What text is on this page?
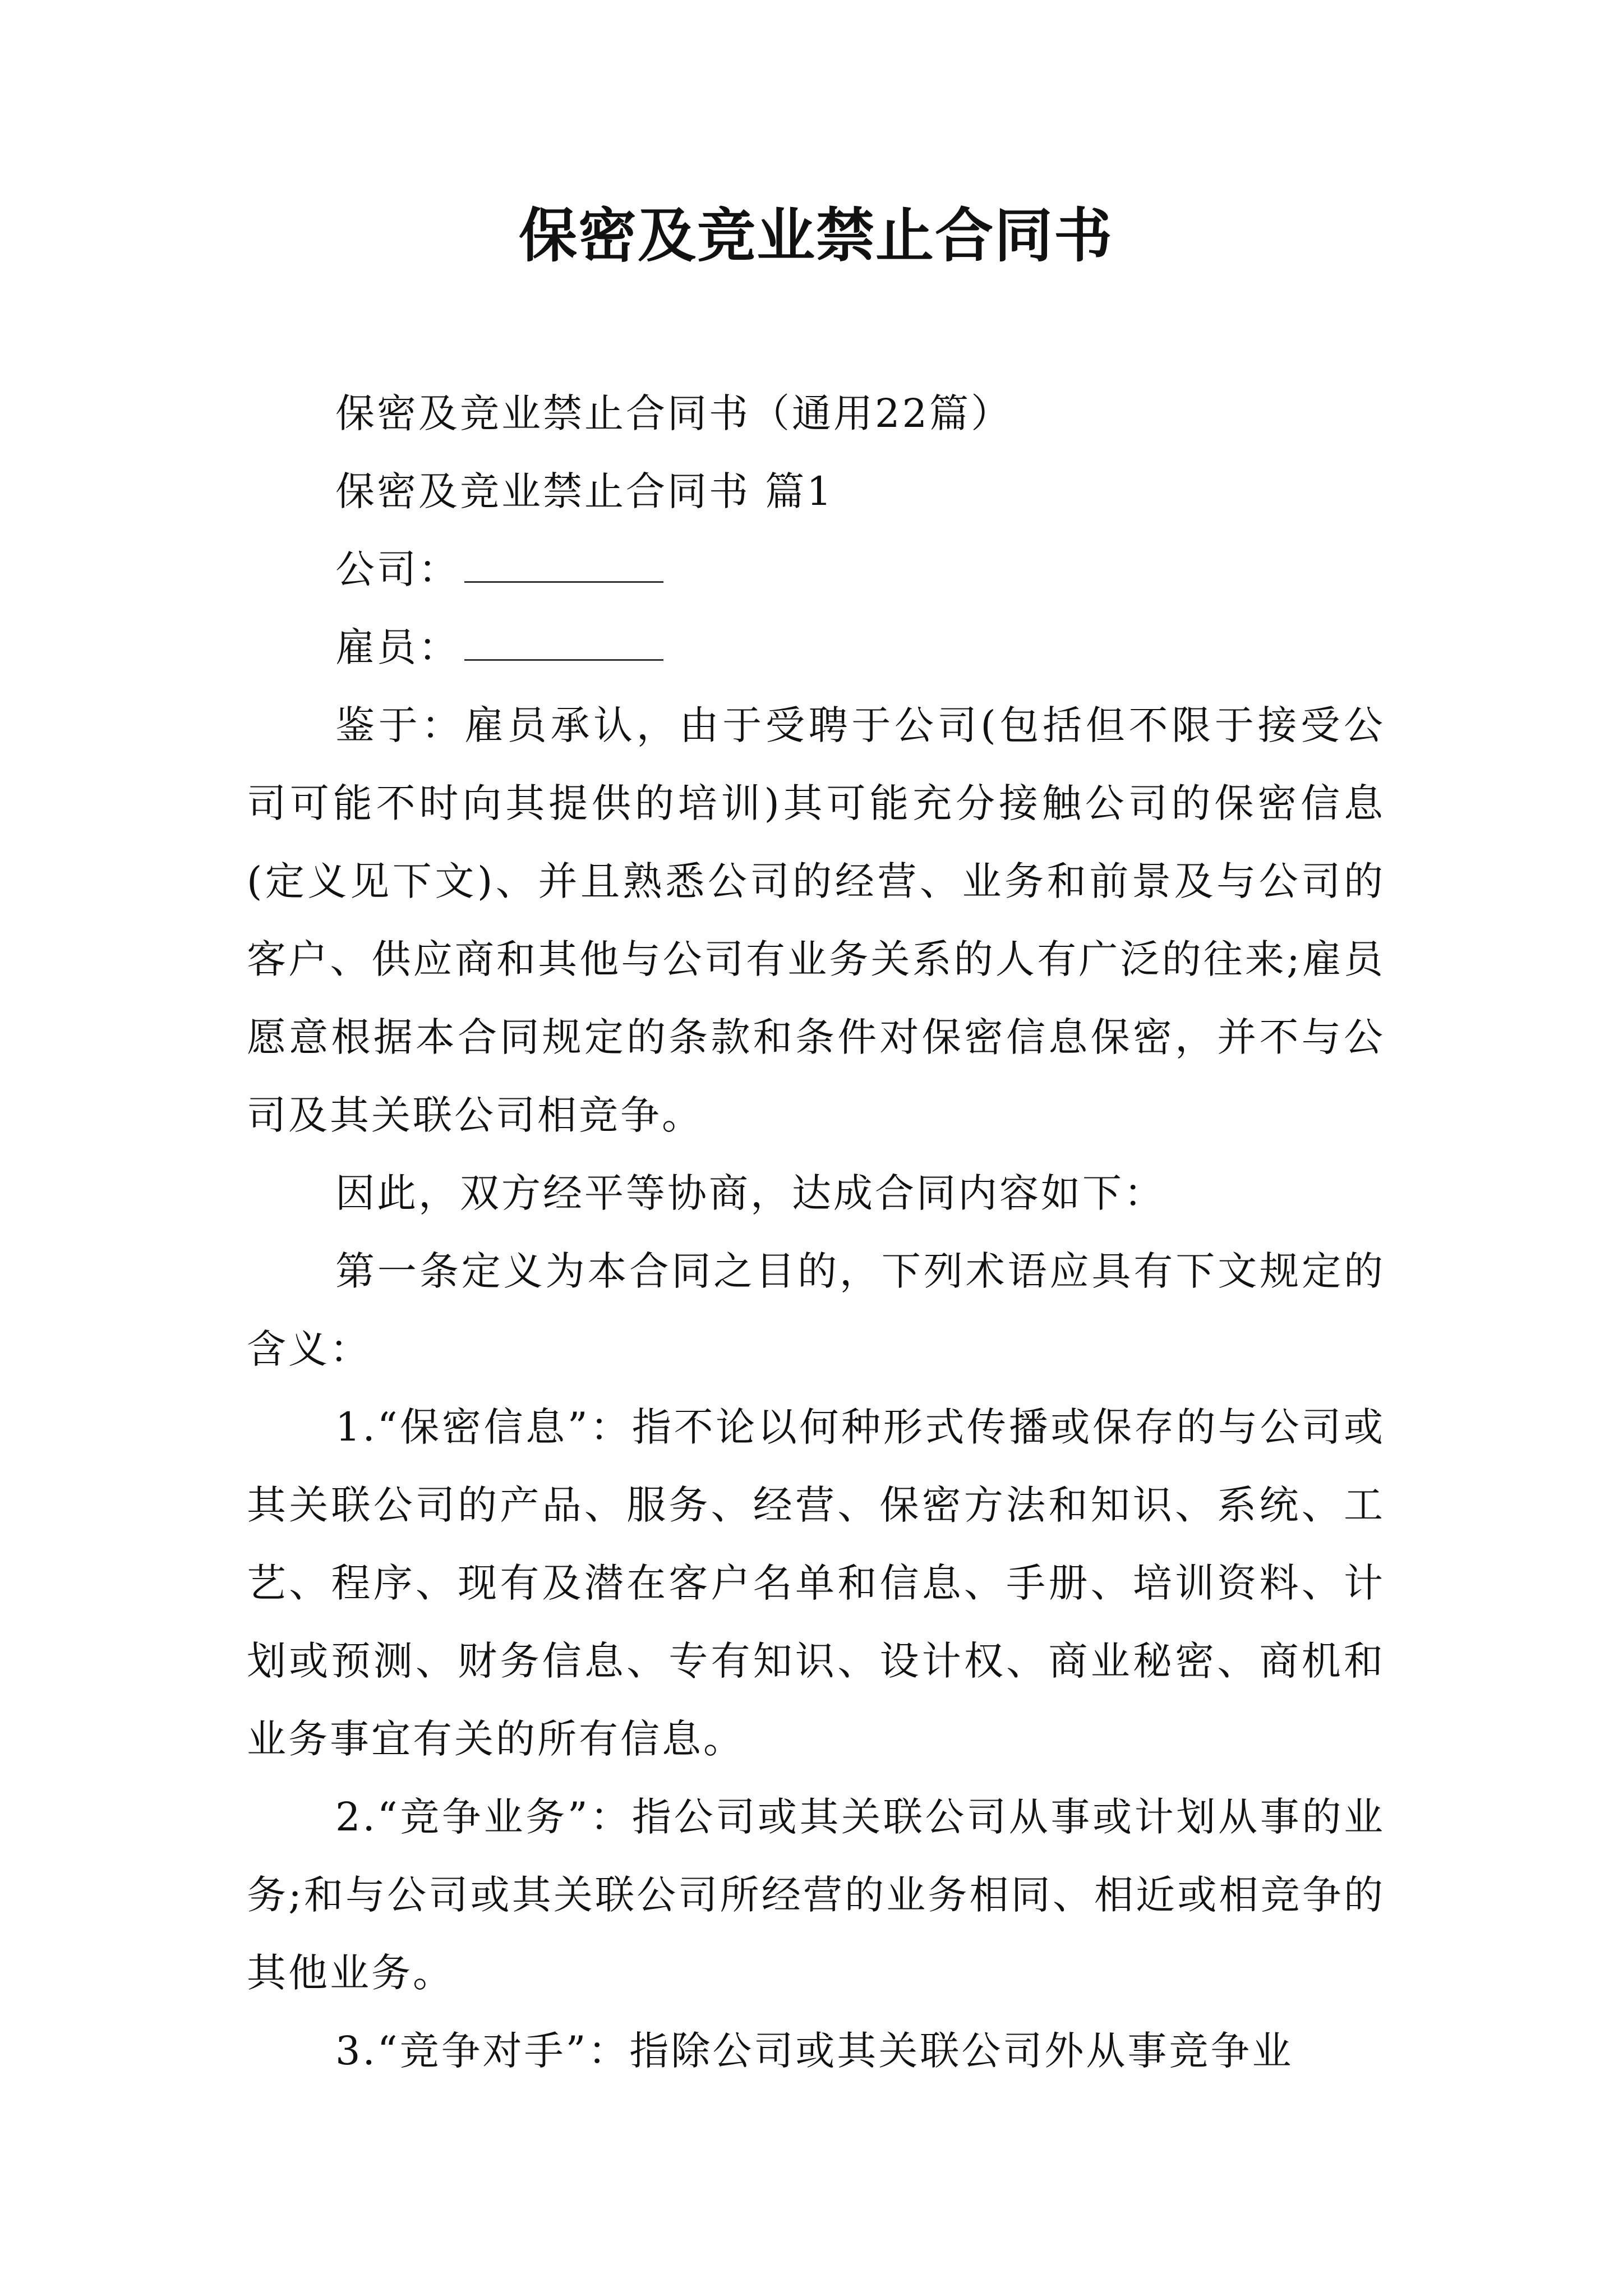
保密及竞业禁止合同书

保密及竞业禁止合同书（通用22篇）

保密及竞业禁止合同书 篇1

公司：

雇员：

鉴于：雇员承认，由于受聘于公司(包括但不限于接受公司可能不时向其提供的培训)其可能充分接触公司的保密信息(定义见下文)、并且熟悉公司的经营、业务和前景及与公司的客户、供应商和其他与公司有业务关系的人有广泛的往来;雇员愿意根据本合同规定的条款和条件对保密信息保密，并不与公司及其关联公司相竞争。

因此，双方经平等协商，达成合同内容如下：

第一条定义为本合同之目的，下列术语应具有下文规定的含义：

1.“保密信息”：指不论以何种形式传播或保存的与公司或其关联公司的产品、服务、经营、保密方法和知识、系统、工艺、程序、现有及潜在客户名单和信息、手册、培训资料、计划或预测、财务信息、专有知识、设计权、商业秘密、商机和业务事宜有关的所有信息。

2.“竞争业务”：指公司或其关联公司从事或计划从事的业务;和与公司或其关联公司所经营的业务相同、相近或相竞争的其他业务。

3.“竞争对手”：指除公司或其关联公司外从事竞争业
